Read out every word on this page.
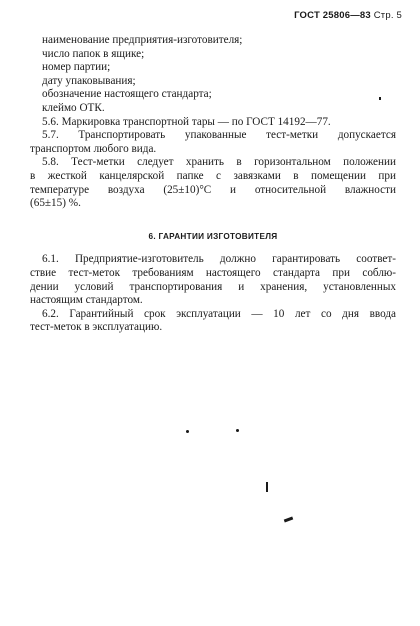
ГОСТ 25806—83 Стр. 5
наименование предприятия-изготовителя;
число папок в ящике;
номер партии;
дату упаковывания;
обозначение настоящего стандарта;
клеймо ОТК.
5.6. Маркировка транспортной тары — по ГОСТ 14192—77.
5.7. Транспортировать упакованные тест-метки допускается
транспортом любого вида.
5.8. Тест-метки следует хранить в горизонтальном положении
в жесткой канцелярской папке с завязками в помещении при
температуре воздуха (25±10)°С и относительной влажности
(65±15) %.
6. ГАРАНТИИ ИЗГОТОВИТЕЛЯ
6.1. Предприятие-изготовитель должно гарантировать соответ-
ствие тест-меток требованиям настоящего стандарта при соблю-
дении условий транспортирования и хранения, установленных
настоящим стандартом.
6.2. Гарантийный срок эксплуатации — 10 лет со дня ввода
тест-меток в эксплуатацию.
